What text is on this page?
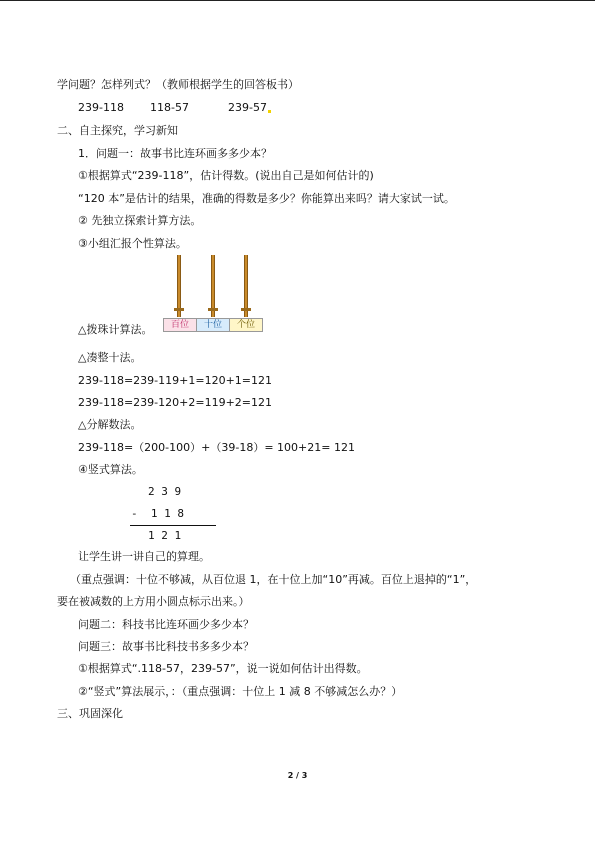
学问题？怎样列式？（教师根据学生的回答板书）
239-118 118-57	239-57
二、自主探究，学习新知
1．问题一：故事书比连环画多多少本？
①根据算式“239-118”，估计得数。(说出自己是如何估计的)
“120 本”是估计的结果，准确的得数是多少？你能算出来吗？请大家试一试。
② 先独立探索计算方法。
③小组汇报个性算法。
百位	十位	个位
△拨珠计算法。
△凑整十法。
239-118=239-119+1=120+1=121
239-118=239-120+2=119+2=121
△分解数法。
239-118=（200-100）+（39-18）= 100+21= 121
④竖式算法。
2 3 9
-  1 1 8
1 2 1
让学生讲一讲自己的算理。
（重点强调：十位不够减，从百位退 1，在十位上加“10”再减。百位上退掉的“1”，
要在被减数的上方用小圆点标示出来。）
问题二：科技书比连环画少多少本？
问题三：故事书比科技书多多少本？
①根据算式“.118-57，239-57”，说一说如何估计出得数。
②“竖式”算法展示，：（重点强调：十位上 1 减 8 不够减怎么办？）
三、巩固深化
2 / 3
